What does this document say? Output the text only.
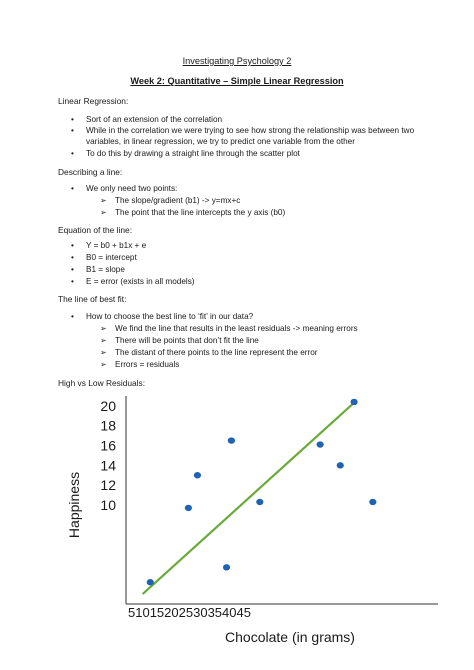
Investigating Psychology 2
Week 2: Quantitative – Simple Linear Regression
Linear Regression:
• Sort of an extension of the correlation
• While in the correlation we were trying to see how strong the relationship was between two variables, in linear regression, we try to predict one variable from the other
• To do this by drawing a straight line through the scatter plot
Describing a line:
• We only need two points:
➢ The slope/gradient (b1) -> y=mx+c
➢ The point that the line intercepts the y axis (b0)
Equation of the line:
• Y = b0 + b1x + e
• B0 = intercept
• B1 = slope
• E = error (exists in all models)
The line of best fit:
• How to choose the best line to ‘fit’ in our data?
➢ We find the line that results in the least residuals -> meaning errors
➢ There will be points that don’t fit the line
➢ The distant of there points to the line represent the error
➢ Errors = residuals
High vs Low Residuals:
Happiness
Chocolate (in grams)
20
18
16
14
12
10
51015202530354045
